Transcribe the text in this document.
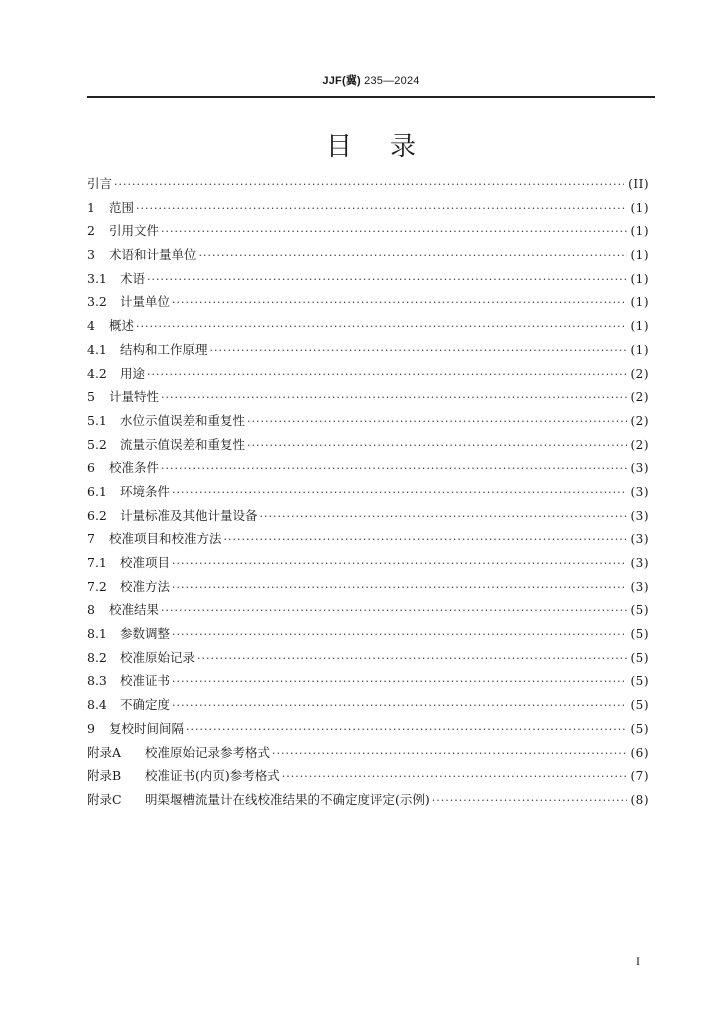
JJF(冀) 235—2024
目录
引言 ·····	(II)
1	范围 ·····	(1)
2	引用文件 ·····	(1)
3	术语和计量单位 ·····	(1)
3.1	术语 ·····	(1)
3.2	计量单位 ·····	(1)
4	概述 ·····	(1)
4.1	结构和工作原理 ·····	(1)
4.2	用途 ·····	(2)
5	计量特性 ·····	(2)
5.1	水位示值误差和重复性 ·····	(2)
5.2	流量示值误差和重复性 ·····	(2)
6	校准条件 ·····	(3)
6.1	环境条件 ·····	(3)
6.2	计量标准及其他计量设备 ·····	(3)
7	校准项目和校准方法 ·····	(3)
7.1	校准项目 ·····	(3)
7.2	校准方法 ·····	(3)
8	校准结果 ·····	(5)
8.1	参数调整 ·····	(5)
8.2	校准原始记录 ·····	(5)
8.3	校准证书 ·····	(5)
8.4	不确定度 ·····	(5)
9	复校时间间隔 ·····	(5)
附录A	校准原始记录参考格式 ·····	(6)
附录B	校准证书(内页)参考格式 ·····	(7)
附录C	明渠堰槽流量计在线校准结果的不确定度评定(示例) ·····	(8)
I
